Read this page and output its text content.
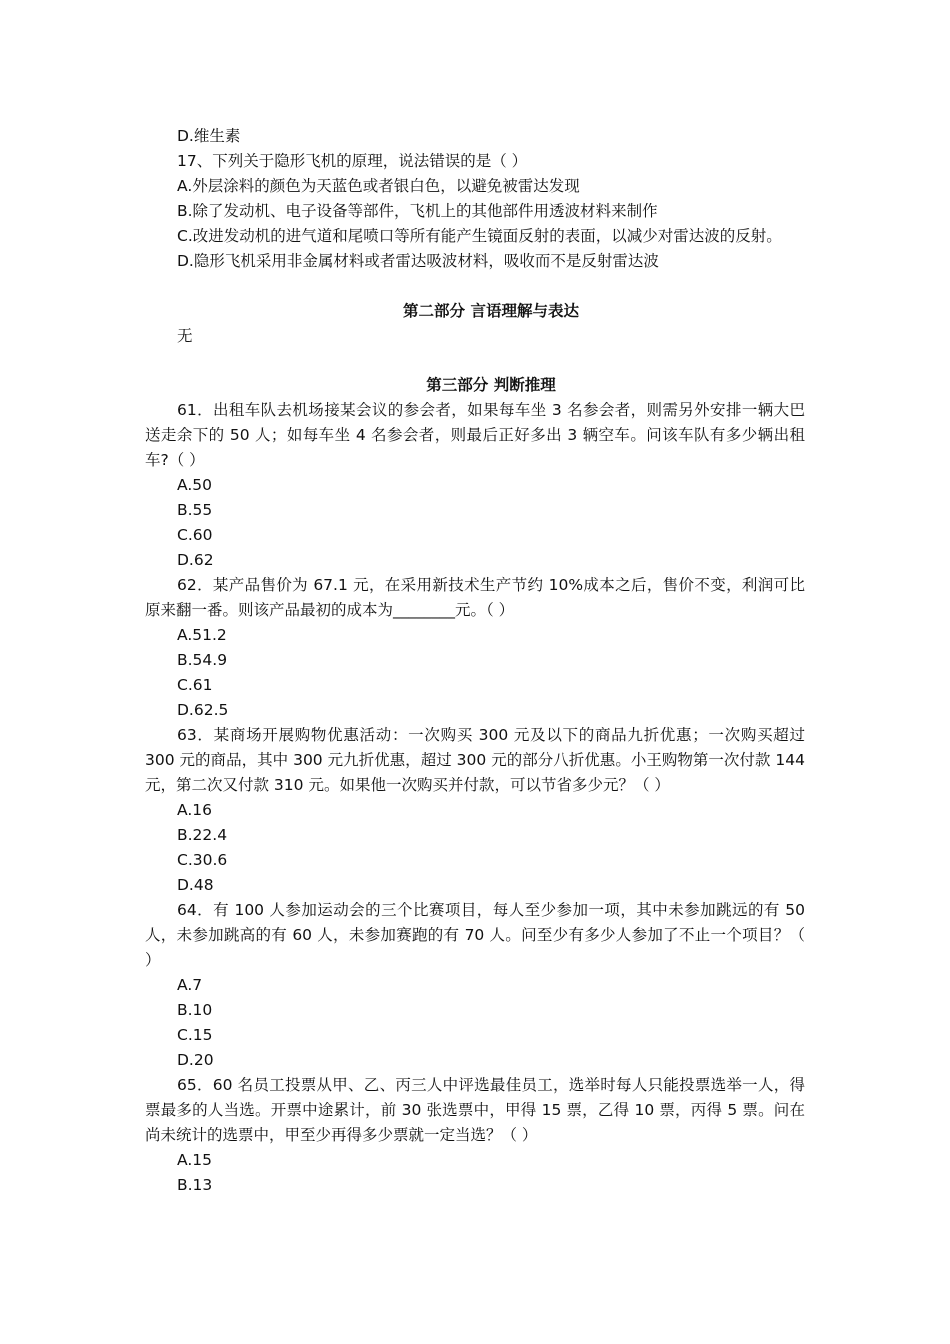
D.维生素
17、下列关于隐形飞机的原理，说法错误的是（ ）
A.外层涂料的颜色为天蓝色或者银白色，以避免被雷达发现
B.除了发动机、电子设备等部件，飞机上的其他部件用透波材料来制作
C.改进发动机的进气道和尾喷口等所有能产生镜面反射的表面，以减少对雷达波的反射。
D.隐形飞机采用非金属材料或者雷达吸波材料，吸收而不是反射雷达波
第二部分 言语理解与表达
无
第三部分 判断推理
61．出租车队去机场接某会议的参会者，如果每车坐 3 名参会者，则需另外安排一辆大巴送走余下的 50 人；如每车坐 4 名参会者，则最后正好多出 3 辆空车。问该车队有多少辆出租车?（ ）
A.50
B.55
C.60
D.62
62．某产品售价为 67.1 元，在采用新技术生产节约 10%成本之后，售价不变，利润可比原来翻一番。则该产品最初的成本为________元。（ ）
A.51.2
B.54.9
C.61
D.62.5
63．某商场开展购物优惠活动：一次购买 300 元及以下的商品九折优惠；一次购买超过 300 元的商品，其中 300 元九折优惠，超过 300 元的部分八折优惠。小王购物第一次付款 144 元，第二次又付款 310 元。如果他一次购买并付款，可以节省多少元？（ ）
A.16
B.22.4
C.30.6
D.48
64．有 100 人参加运动会的三个比赛项目，每人至少参加一项，其中未参加跳远的有 50 人，未参加跳高的有 60 人，未参加赛跑的有 70 人。问至少有多少人参加了不止一个项目？（ ）
A.7
B.10
C.15
D.20
65．60 名员工投票从甲、乙、丙三人中评选最佳员工，选举时每人只能投票选举一人，得票最多的人当选。开票中途累计，前 30 张选票中，甲得 15 票，乙得 10 票，丙得 5 票。问在尚未统计的选票中，甲至少再得多少票就一定当选？（ ）
A.15
B.13
